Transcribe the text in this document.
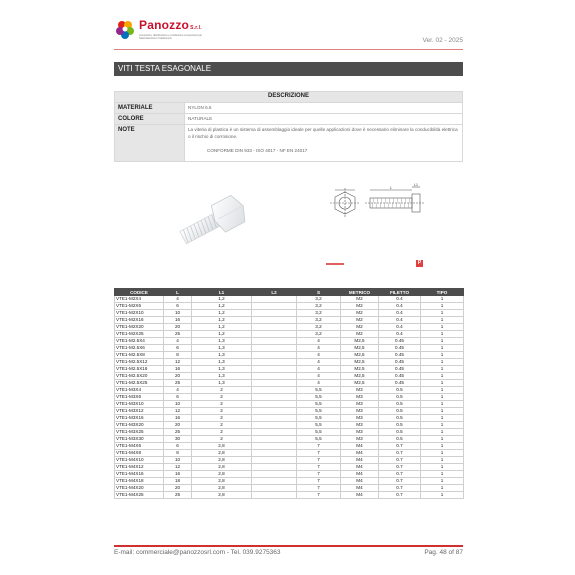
PanozzoS.r.l.
commercio, distribuzione e produzione componenti per l'elettrotecnica e l'elettronica	Ver. 02 - 2025
VITI TESTA ESAGONALE
DESCRIZIONE	
MATERIALE	NYLON 6.6
COLORE	NATURALE
NOTE	La viteria di plastica è un sistema di assemblaggio ideale per quelle applicazioni dove è necessario eliminare la conducibilità elettrica o il rischio di corrosione.
CONFORME DIN 933 - ISO 4017 - NF EN 24017
L
L1
P
CODICE	L	L1	L2	S	METRICO	FILETTO	TIPO
VTE1-M2X4	4	1,2		3,2	M2	0.4	1
VTE1-M2X6	6	1,2		3,2	M2	0.4	1
VTE1-M2X10	10	1,2		3,2	M2	0.4	1
VTE1-M2X16	16	1,2		3,2	M2	0.4	1
VTE1-M2X20	20	1,2		3,2	M2	0.4	1
VTE1-M2X25	25	1,2		3,2	M2	0.4	1
VTE1-M2.5X4	4	1,3		4	M2,5	0.45	1
VTE1-M2.5X6	6	1,3		4	M2,5	0.45	1
VTE1-M2.5X8	8	1,3		4	M2,5	0.45	1
VTE1-M2.5X12	12	1,3		4	M2,5	0.45	1
VTE1-M2.5X16	16	1,3		4	M2,5	0.45	1
VTE1-M2.5X20	20	1,3		4	M2,5	0.45	1
VTE1-M2.5X25	25	1,3		4	M2,5	0.45	1
VTE1-M3X4	4	2		5,5	M3	0.5	1
VTE1-M3X6	6	2		5,5	M3	0.5	1
VTE1-M3X10	10	2		5,5	M3	0.5	1
VTE1-M3X12	12	2		5,5	M3	0.5	1
VTE1-M3X16	16	2		5,5	M3	0.5	1
VTE1-M3X20	20	2		5,5	M3	0.5	1
VTE1-M3X25	25	2		5,5	M3	0.5	1
VTE1-M3X30	30	2		5,5	M3	0.5	1
VTE1-M4X6	6	2,8		7	M4	0.7	1
VTE1-M4X8	8	2,8		7	M4	0.7	1
VTE1-M4X10	10	2,8		7	M4	0.7	1
VTE1-M4X12	12	2,8		7	M4	0.7	1
VTE1-M4X16	16	2,8		7	M4	0.7	1
VTE1-M4X18	18	2,8		7	M4	0.7	1
VTE1-M4X20	20	2,8		7	M4	0.7	1
VTE1-M4X25	25	2,8		7	M4	0.7	1
E-mail: commerciale@panozzosrl.com - Tel. 039.9275363	Pag. 48 of 87
